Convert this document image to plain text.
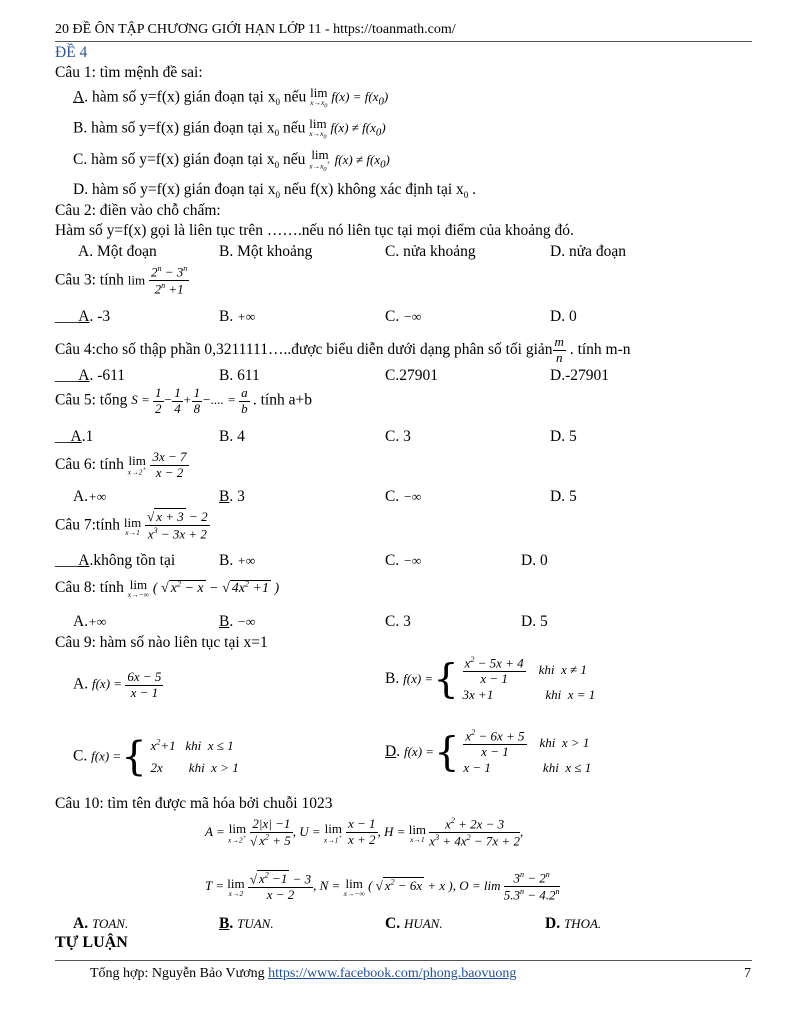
20 ĐỀ ÔN TẬP CHƯƠNG GIỚI HẠN LỚP 11 - https://toanmath.com/
ĐỀ 4
Câu 1: tìm mệnh đề sai:
A. hàm số y=f(x) gián đoạn tại $x_0$ nếu lim
$x\to x_0$
$f(x) = f(x_0)$
B. hàm số y=f(x) gián đoạn tại $x_0$ nếu lim
$x\to x_0$
$f(x) \ne f(x_0)$
C. hàm số y=f(x) gián đoạn tại $x_0$ nếu lim
$x\to x_0^+$ $f(x) \ne f(x_0)$
D. hàm số y=f(x) gián đoạn tại $x_0$ nếu f(x) không xác định tại $x_0$ .
Câu 2: điền vào chỗ chấm:
Hàm số y=f(x) gọi là liên tục trên …….nếu nó liên tục tại mọi điểm của khoảng đó.
A. Một đoạn	B. Một khoảng	C. nửa khoảng	D. nửa đoạn
Câu 3: tính $\lim \frac{2^n - 3^n}{2^n +1}$
___A. -3	B. +∞	C. −∞	D. 0
Câu 4:cho số thập phần 0,3211111…..được biểu diễn dưới dạng phân số tối giản $\frac{m}{n}$ . tính m-n
___A. -611	B. 611	C.27901	D.-27901
Câu 5: tổng $S = \frac{1}{2} - \frac{1}{4} + \frac{1}{8}$ −.... = $\frac{a}{b}$ . tính a+b
__A.1	B. 4	C. 3	D. 5
Câu 6: tính lim
x→2+
$\frac{3x - 7}{x - 2}$
A.+∞	B. 3	C. −∞	D. 5
Câu 7:tính lim
x→1
$\frac{√ x + 3 - 2}{x^3 - 3x + 2}$
___A.không tồn tại	B. +∞	C. −∞	D. 0
Câu 8: tính lim
x→−∞ ( √ $x^2 - x$ − √ $4x^2 +1$ )
A.+∞	B. −∞	C. 3	D. 5
Câu 9: hàm số nào liên tục tại x=1
A. $f(x) = \frac{6x - 5}{x - 1}$	B. f(x) ={ $\frac{x^2 - 5x + 4}{x - 1}$ khi  x ≠ 1
3x +1                khi  x = 1
C. f(x) ={ $x^2+1$   khi  x ≤ 1
2x        khi  x > 1
D. f(x) ={ $\frac{x^2 - 6x + 5}{x - 1}$ khi  x > 1
x − 1                khi  x ≤ 1
Câu 10: tìm tên được mã hóa bởi chuỗi 1023
A = lim
x→2+
$\frac{2|x| -1}{√ x^2 + 5}$ , U = lim
x→1+
$\frac{x - 1}{x + 2}$ , H = lim
x→1
$\frac{x^2 + 2x - 3}{x^3 + 4x^2 - 7x + 2}$ ,
T = lim
x→2
$\frac{√ x^2 -1 - 3}{x - 2}$ , N = lim
x→−∞
( √ $x^2 - 6x + x$ ), $O = \lim \frac{3^n - 2^n}{5.3^n - 4.2^n}$
A. TOAN.	B. TUAN.	C. HUAN.	D. THOA.
TỰ LUẬN
Tổng hợp: Nguyễn Bảo Vương https://www.facebook.com/phong.baovuong	7
